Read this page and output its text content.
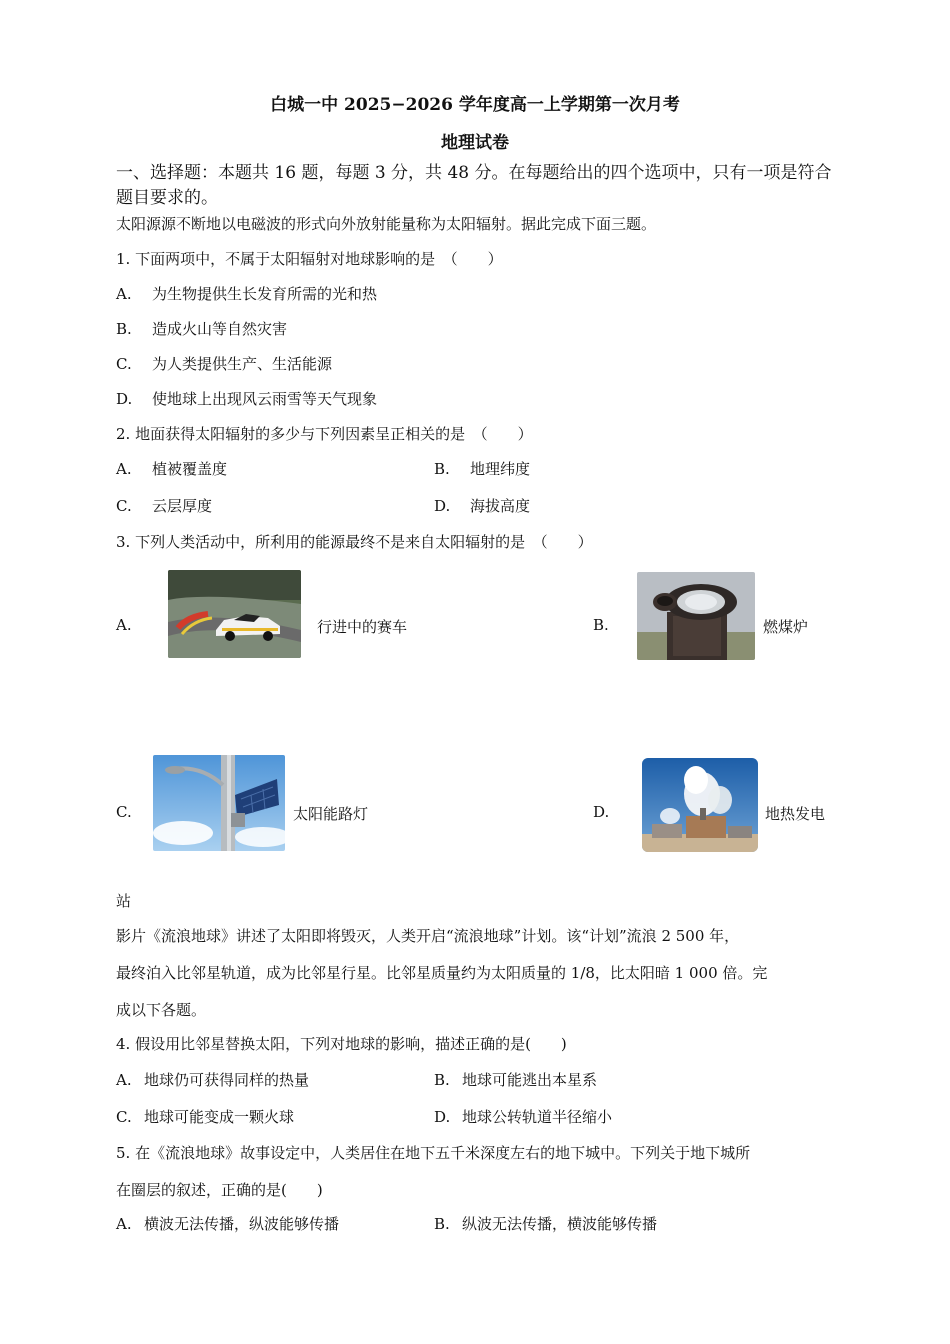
白城一中 2025−2026 学年度高一上学期第一次月考
地理试卷
一、选择题：本题共 16 题，每题 3 分，共 48 分。在每题给出的四个选项中，只有一项是符合题目要求的。
太阳源源不断地以电磁波的形式向外放射能量称为太阳辐射。据此完成下面三题。
1. 下面两项中，不属于太阳辐射对地球影响的是　（　　）
A. 为生物提供生长发育所需的光和热
B. 造成火山等自然灾害
C. 为人类提供生产、生活能源
D. 使地球上出现风云雨雪等天气现象
2. 地面获得太阳辐射的多少与下列因素呈正相关的是　（　　）
A. 植被覆盖度	B. 地理纬度
C. 云层厚度	D. 海拔高度
3. 下列人类活动中，所利用的能源最终不是来自太阳辐射的是　（　　）
A.	行进中的赛车	B.	燃煤炉
C.	太阳能路灯	D.	地热发电
站
影片《流浪地球》讲述了太阳即将毁灭，人类开启“流浪地球”计划。该“计划”流浪 2 500 年，
最终泊入比邻星轨道，成为比邻星行星。比邻星质量约为太阳质量的 1/8，比太阳暗 1 000 倍。完
成以下各题。
4. 假设用比邻星替换太阳，下列对地球的影响，描述正确的是(　　)
A. 地球仍可获得同样的热量	B. 地球可能逃出本星系
C. 地球可能变成一颗火球	D. 地球公转轨道半径缩小
5. 在《流浪地球》故事设定中，人类居住在地下五千米深度左右的地下城中。下列关于地下城所
在圈层的叙述，正确的是(　　)
A. 横波无法传播，纵波能够传播	B. 纵波无法传播，横波能够传播
